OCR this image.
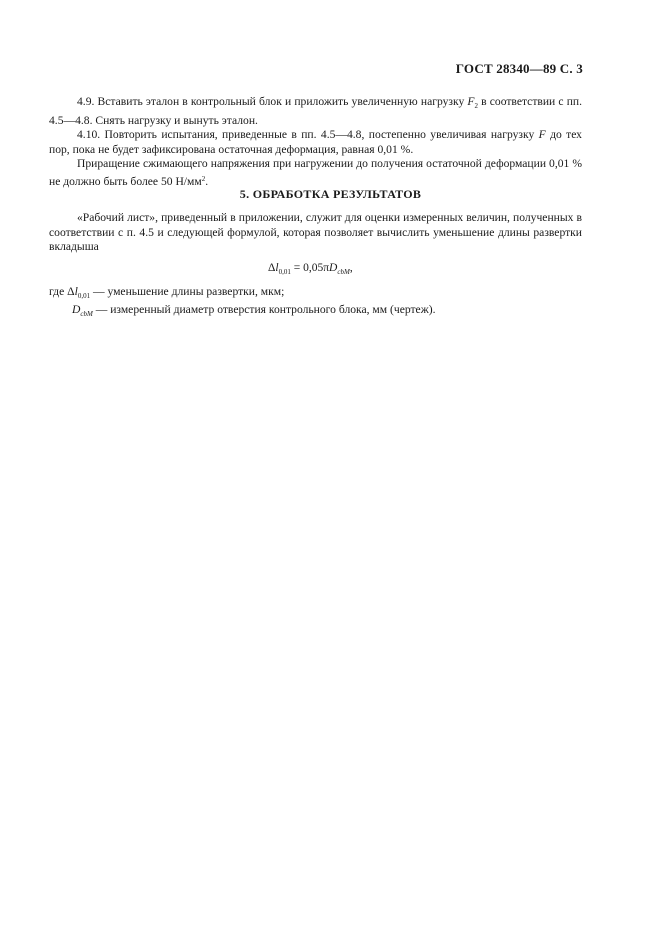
ГОСТ 28340—89 С. 3

4.9. Вставить эталон в контрольный блок и приложить увеличенную нагрузку $F_2$ в соответствии с пп. 4.5—4.8. Снять нагрузку и вынуть эталон.

4.10. Повторить испытания, приведенные в пп. 4.5—4.8, постепенно увеличивая нагрузку F до тех пор, пока не будет зафиксирована остаточная деформация, равная 0,01 %.

Приращение сжимающего напряжения при нагружении до получения остаточной деформации 0,01 % не должно быть более 50 $Н/мм^2$.

5. ОБРАБОТКА РЕЗУЛЬТАТОВ

«Рабочий лист», приведенный в приложении, служит для оценки измеренных величин, полученных в соответствии с п. 4.5 и следующей формулой, которая позволяет вычислить уменьшение длины развертки вкладыша

$\Delta l_{0,01} = 0,05\pi D_{cbM}$,
где $\Delta l_{0,01}$ — уменьшение длины развертки, мкм;
$D_{cbM}$ — измеренный диаметр отверстия контрольного блока, мм (чертеж).
